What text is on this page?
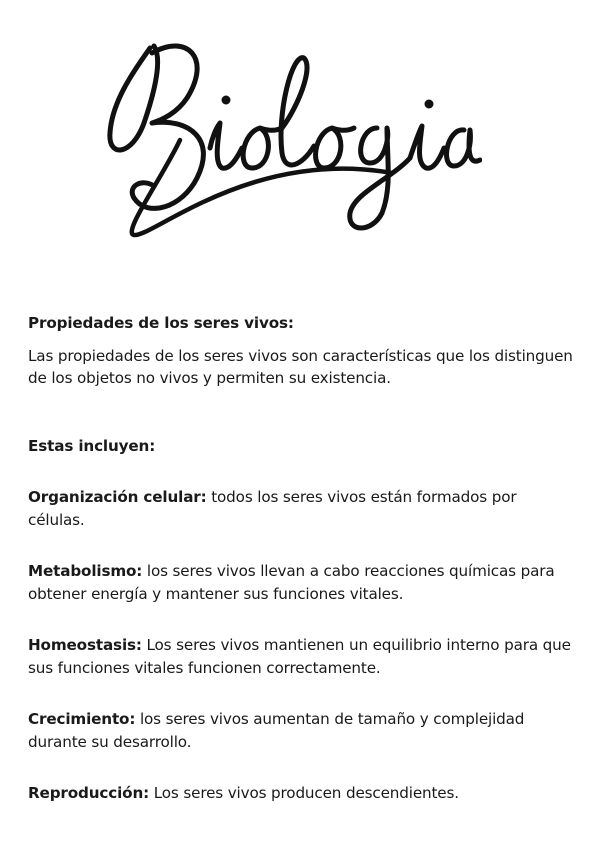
Propiedades de los seres vivos:

Las propiedades de los seres vivos son características que los distinguen de los objetos no vivos y permiten su existencia.

Estas incluyen:

Organización celular: todos los seres vivos están formados por células.

Metabolismo: los seres vivos llevan a cabo reacciones químicas para obtener energía y mantener sus funciones vitales.

Homeostasis: Los seres vivos mantienen un equilibrio interno para que sus funciones vitales funcionen correctamente.

Crecimiento: los seres vivos aumentan de tamaño y complejidad durante su desarrollo.

Reproducción: Los seres vivos producen descendientes.
